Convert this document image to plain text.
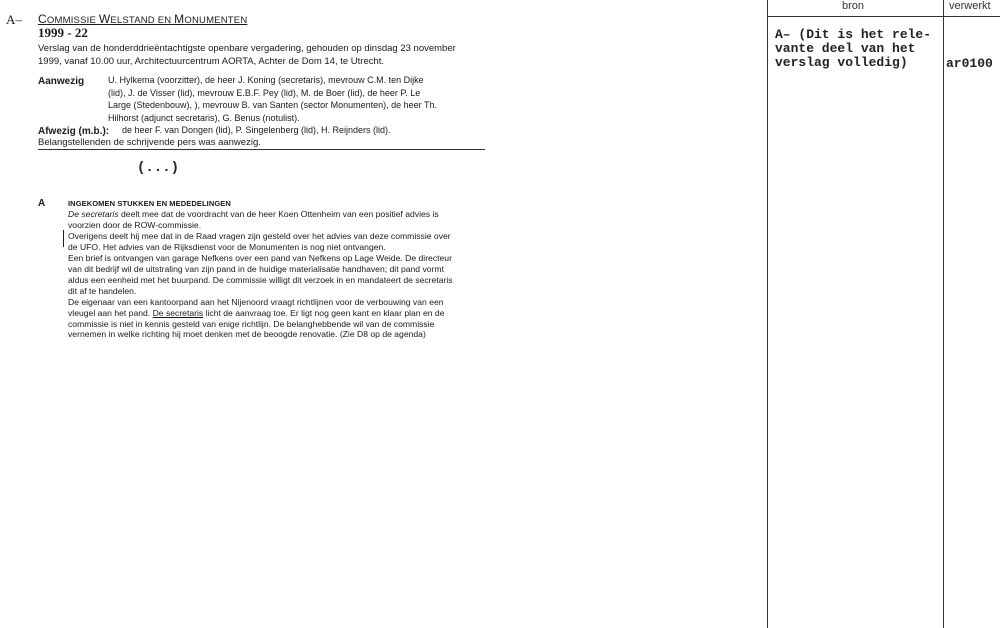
A– COMMISSIE WELSTAND EN MONUMENTEN
1999 - 22
Verslag van de honderddrieëntachtigste openbare vergadering, gehouden op dinsdag 23 november
1999, vanaf 10.00 uur, Architectuurcentrum AORTA, Achter de Dom 14, te Utrecht.
Aanwezig	U. Hylkema (voorzitter), de heer J. Koning (secretaris), mevrouw C.M. ten Dijke
(lid), J. de Visser (lid), mevrouw E.B.F. Pey (lid), M. de Boer (lid), de heer P. Le
Large (Stedenbouw), ), mevrouw B. van Santen (sector Monumenten), de heer Th.
Hilhorst (adjunct secretaris), G. Benus (notulist).
Afwezig (m.b.): de heer F. van Dongen (lid), P. Singelenberg (lid), H. Reijnders (lid).
Belangstellenden de schrijvende pers was aanwezig.
(...)
A	INGEKOMEN STUKKEN EN MEDEDELINGEN
De secretaris deelt mee dat de voordracht van de heer Koen Ottenheim van een positief advies is
voorzien door de ROW-commissie.
Overigens deelt hij mee dat in de Raad vragen zijn gesteld over het advies van deze commissie over
de UFO. Het advies van de Rijksdienst voor de Monumenten is nog niet ontvangen.
Een brief is ontvangen van garage Nefkens over een pand van Nefkens op Lage Weide. De directeur
van dit bedrijf wil de uitstraling van zijn pand in de huidige materialisatie handhaven; dit pand vormt
aldus een eenheid met het buurpand. De commissie willigt dit verzoek in en mandateert de secretaris
dit af te handelen.
De eigenaar van een kantoorpand aan het Nijenoord vraagt richtlijnen voor de verbouwing van een
vleugel aan het pand. De secretaris licht de aanvraag toe. Er ligt nog geen kant en klaar plan en de
commissie is niet in kennis gesteld van enige richtlijn. De belanghebbende wil van de commissie
vernemen in welke richting hij moet denken met de beoogde renovatie. (Zie D8 op de agenda)
bron	verwerkt
A– (Dit is het rele-
vante deel van het
verslag volledig)	ar0100
